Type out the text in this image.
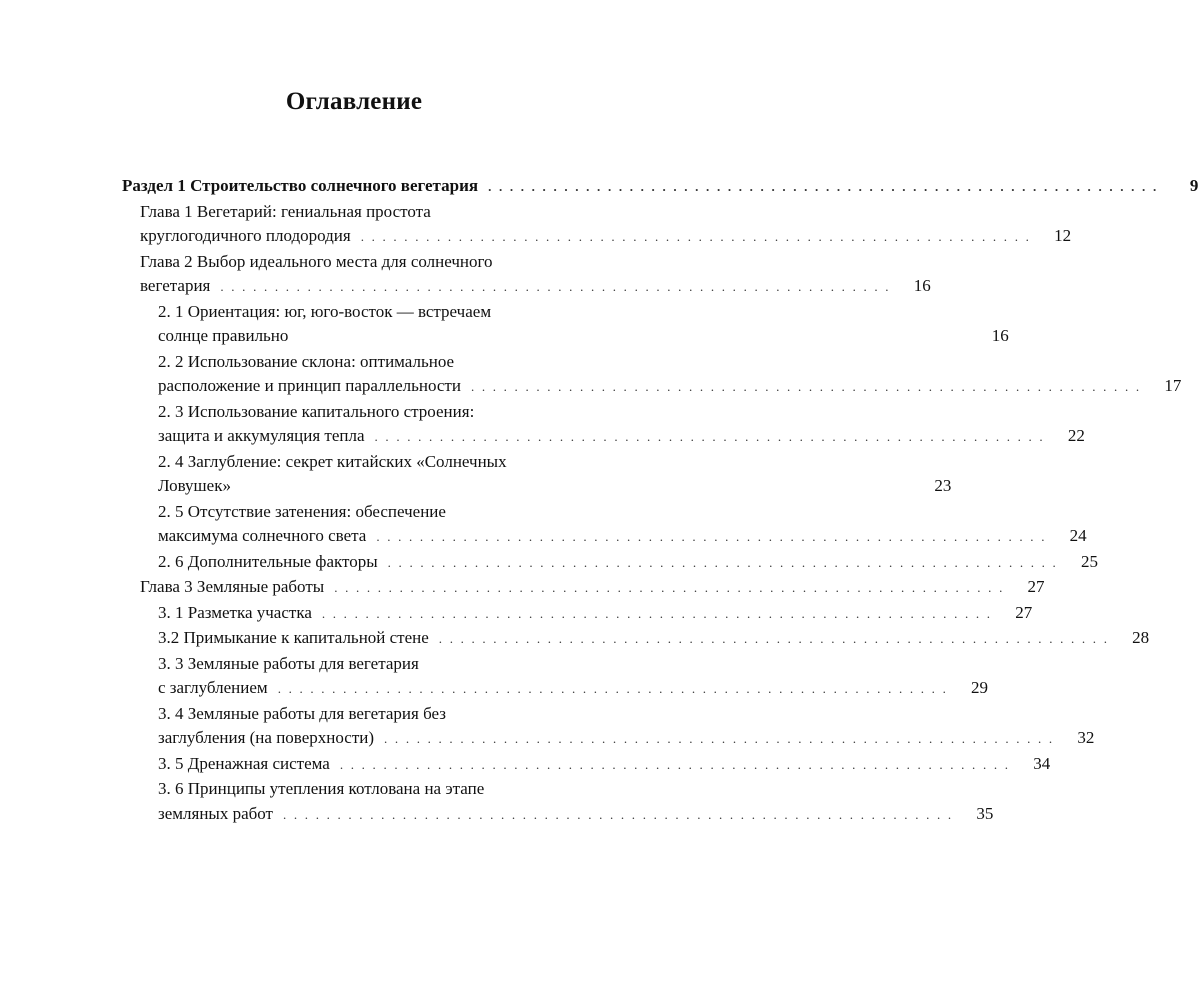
Оглавление
Раздел 1 Строительство солнечного вегетария . . . . . . . . . . . . . . . . . . . . . . . . . . . . . . . . . . . . . . . . . . . . . . . . . . . . . . . . . . . . . .	9
Глава 1 Вегетарий: гениальная простота
круглогодичного плодородия . . . . . . . . . . . . . . . . . . . . . . . . . . . . . . . . . . . . . . . . . . . . . . . . . . . . . . . . . . . . . .	12
Глава 2 Выбор идеального места для солнечного
вегетария . . . . . . . . . . . . . . . . . . . . . . . . . . . . . . . . . . . . . . . . . . . . . . . . . . . . . . . . . . . . . .	16
2. 1 Ориентация: юг, юго-восток — встречаем
солнце правильно	16
2. 2 Использование склона: оптимальное
расположение и принцип параллельности . . . . . . . . . . . . . . . . . . . . . . . . . . . . . . . . . . . . . . . . . . . . . . . . . . . . . . . . . . . . . .	17
2. 3 Использование капитального строения:
защита и аккумуляция тепла . . . . . . . . . . . . . . . . . . . . . . . . . . . . . . . . . . . . . . . . . . . . . . . . . . . . . . . . . . . . . .	22
2. 4 Заглубление: секрет китайских «Солнечных
Ловушек»	23
2. 5 Отсутствие затенения: обеспечение
максимума солнечного света . . . . . . . . . . . . . . . . . . . . . . . . . . . . . . . . . . . . . . . . . . . . . . . . . . . . . . . . . . . . . .	24
2. 6 Дополнительные факторы . . . . . . . . . . . . . . . . . . . . . . . . . . . . . . . . . . . . . . . . . . . . . . . . . . . . . . . . . . . . . .	25
Глава 3 Земляные работы . . . . . . . . . . . . . . . . . . . . . . . . . . . . . . . . . . . . . . . . . . . . . . . . . . . . . . . . . . . . . .	27
3. 1 Разметка участка . . . . . . . . . . . . . . . . . . . . . . . . . . . . . . . . . . . . . . . . . . . . . . . . . . . . . . . . . . . . . .	27
3.2 Примыкание к капитальной стене . . . . . . . . . . . . . . . . . . . . . . . . . . . . . . . . . . . . . . . . . . . . . . . . . . . . . . . . . . . . . .	28
3. 3 Земляные работы для вегетария
с заглублением . . . . . . . . . . . . . . . . . . . . . . . . . . . . . . . . . . . . . . . . . . . . . . . . . . . . . . . . . . . . . .	29
3. 4 Земляные работы для вегетария без
заглубления (на поверхности) . . . . . . . . . . . . . . . . . . . . . . . . . . . . . . . . . . . . . . . . . . . . . . . . . . . . . . . . . . . . . .	32
3. 5 Дренажная система . . . . . . . . . . . . . . . . . . . . . . . . . . . . . . . . . . . . . . . . . . . . . . . . . . . . . . . . . . . . . .	34
3. 6 Принципы утепления котлована на этапе
земляных работ . . . . . . . . . . . . . . . . . . . . . . . . . . . . . . . . . . . . . . . . . . . . . . . . . . . . . . . . . . . . . .	35
